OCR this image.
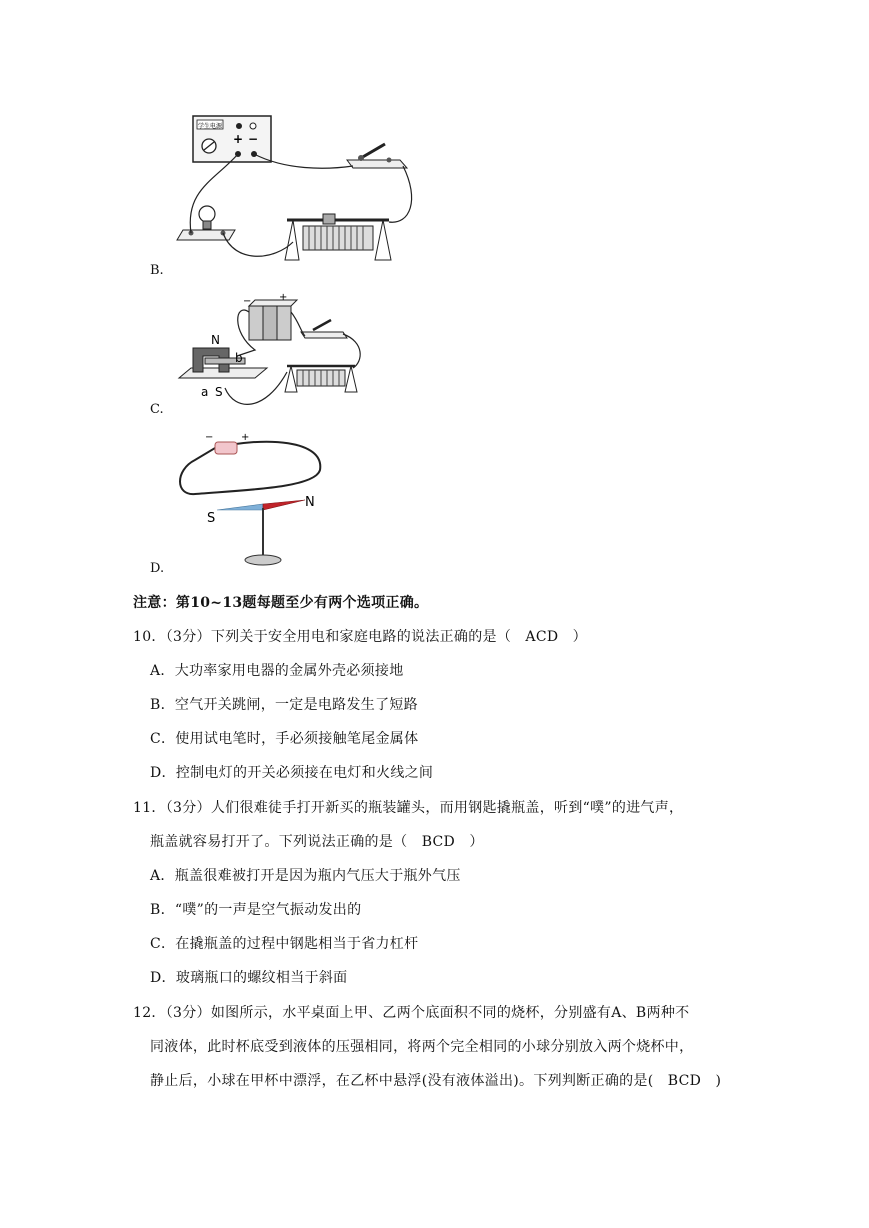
学生电源
+ −
B.
−	+
N
S
a
b
C.
−	+
S
N
D.
注意：第10~13题每题至少有两个选项正确。
10．（3分）下列关于安全用电和家庭电路的说法正确的是（　ACD　）
A．大功率家用电器的金属外壳必须接地
B．空气开关跳闸，一定是电路发生了短路
C．使用试电笔时，手必须接触笔尾金属体
D．控制电灯的开关必须接在电灯和火线之间
11．（3分）人们很难徒手打开新买的瓶装罐头，而用钢匙撬瓶盖，听到“噗”的进气声，
瓶盖就容易打开了。下列说法正确的是（　BCD　）
A．瓶盖很难被打开是因为瓶内气压大于瓶外气压
B．“噗”的一声是空气振动发出的
C．在撬瓶盖的过程中钢匙相当于省力杠杆
D．玻璃瓶口的螺纹相当于斜面
12．（3分）如图所示，水平桌面上甲、乙两个底面积不同的烧杯，分别盛有A、B两种不
同液体，此时杯底受到液体的压强相同，将两个完全相同的小球分别放入两个烧杯中，
静止后，小球在甲杯中漂浮，在乙杯中悬浮(没有液体溢出)。下列判断正确的是(　BCD　)
